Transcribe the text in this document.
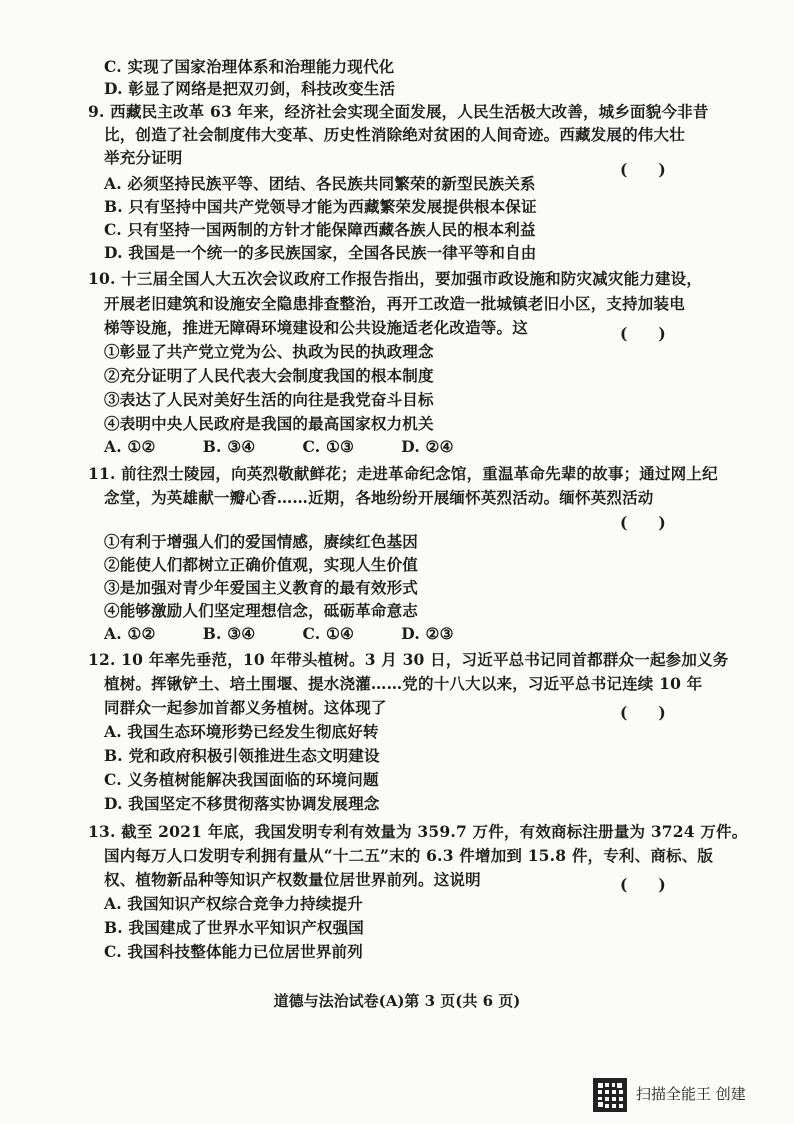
C. 实现了国家治理体系和治理能力现代化
D. 彰显了网络是把双刃剑，科技改变生活
9. 西藏民主改革 63 年来，经济社会实现全面发展，人民生活极大改善，城乡面貌今非昔
比，创造了社会制度伟大变革、历史性消除绝对贫困的人间奇迹。西藏发展的伟大壮
举充分证明
(　　)
A. 必须坚持民族平等、团结、各民族共同繁荣的新型民族关系
B. 只有坚持中国共产党领导才能为西藏繁荣发展提供根本保证
C. 只有坚持一国两制的方针才能保障西藏各族人民的根本利益
D. 我国是一个统一的多民族国家，全国各民族一律平等和自由
10. 十三届全国人大五次会议政府工作报告指出，要加强市政设施和防灾减灾能力建设，
开展老旧建筑和设施安全隐患排查整治，再开工改造一批城镇老旧小区，支持加装电
梯等设施，推进无障碍环境建设和公共设施适老化改造等。这	(　　)
①彰显了共产党立党为公、执政为民的执政理念
②充分证明了人民代表大会制度我国的根本制度
③表达了人民对美好生活的向往是我党奋斗目标
④表明中央人民政府是我国的最高国家权力机关
A. ①②　　　B. ③④　　　C. ①③　　　D. ②④
11. 前往烈士陵园，向英烈敬献鲜花；走进革命纪念馆，重温革命先辈的故事；通过网上纪
念堂，为英雄献一瓣心香……近期，各地纷纷开展缅怀英烈活动。缅怀英烈活动
(　　)
①有利于增强人们的爱国情感，赓续红色基因
②能使人们都树立正确价值观，实现人生价值
③是加强对青少年爱国主义教育的最有效形式
④能够激励人们坚定理想信念，砥砺革命意志
A. ①②　　　B. ③④　　　C. ①④　　　D. ②③
12. 10 年率先垂范，10 年带头植树。3 月 30 日，习近平总书记同首都群众一起参加义务
植树。挥锹铲土、培土围堰、提水浇灌……党的十八大以来，习近平总书记连续 10 年
同群众一起参加首都义务植树。这体现了	(　　)
A. 我国生态环境形势已经发生彻底好转
B. 党和政府积极引领推进生态文明建设
C. 义务植树能解决我国面临的环境问题
D. 我国坚定不移贯彻落实协调发展理念
13. 截至 2021 年底，我国发明专利有效量为 359.7 万件，有效商标注册量为 3724 万件。
国内每万人口发明专利拥有量从“十二五”末的 6.3 件增加到 15.8 件，专利、商标、版
权、植物新品种等知识产权数量位居世界前列。这说明	(　　)
A. 我国知识产权综合竞争力持续提升
B. 我国建成了世界水平知识产权强国
C. 我国科技整体能力已位居世界前列
道德与法治试卷(A)第 3 页(共 6 页)
扫描全能王 创建
